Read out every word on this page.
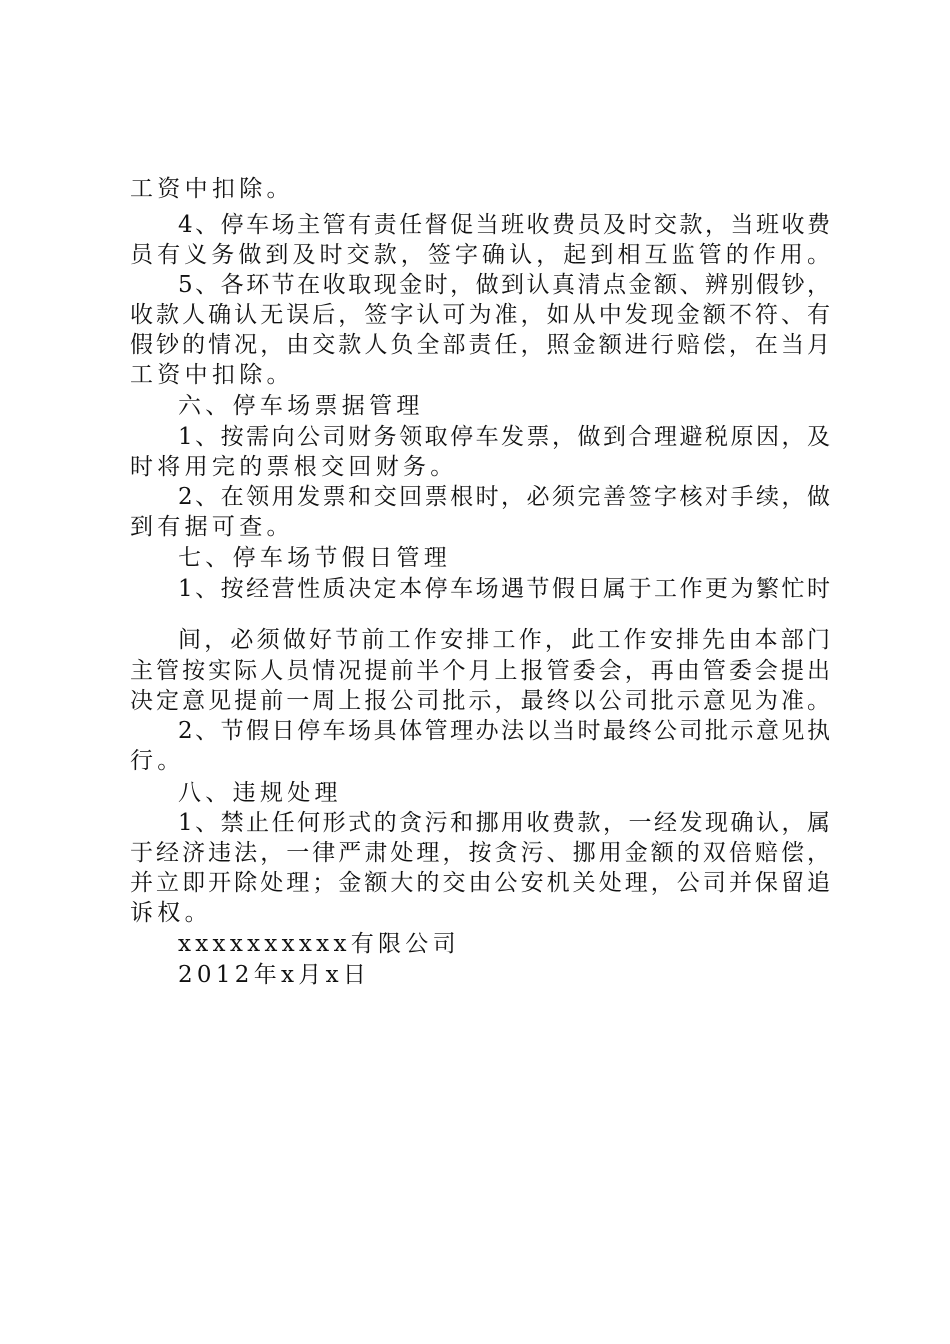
工资中扣除。
4、停车场主管有责任督促当班收费员及时交款，当班收费
员有义务做到及时交款，签字确认，起到相互监管的作用。
5、各环节在收取现金时，做到认真清点金额、辨别假钞，
收款人确认无误后，签字认可为准，如从中发现金额不符、有
假钞的情况，由交款人负全部责任，照金额进行赔偿，在当月
工资中扣除。
六、停车场票据管理
1、按需向公司财务领取停车发票，做到合理避税原因，及
时将用完的票根交回财务。
2、在领用发票和交回票根时，必须完善签字核对手续，做
到有据可查。
七、停车场节假日管理
1、按经营性质决定本停车场遇节假日属于工作更为繁忙时
间，必须做好节前工作安排工作，此工作安排先由本部门
主管按实际人员情况提前半个月上报管委会，再由管委会提出
决定意见提前一周上报公司批示，最终以公司批示意见为准。
2、节假日停车场具体管理办法以当时最终公司批示意见执
行。
八、违规处理
1、禁止任何形式的贪污和挪用收费款，一经发现确认，属
于经济违法，一律严肃处理，按贪污、挪用金额的双倍赔偿，
并立即开除处理；金额大的交由公安机关处理，公司并保留追
诉权。
xxxxxxxxxx有限公司
2012年x月x日
